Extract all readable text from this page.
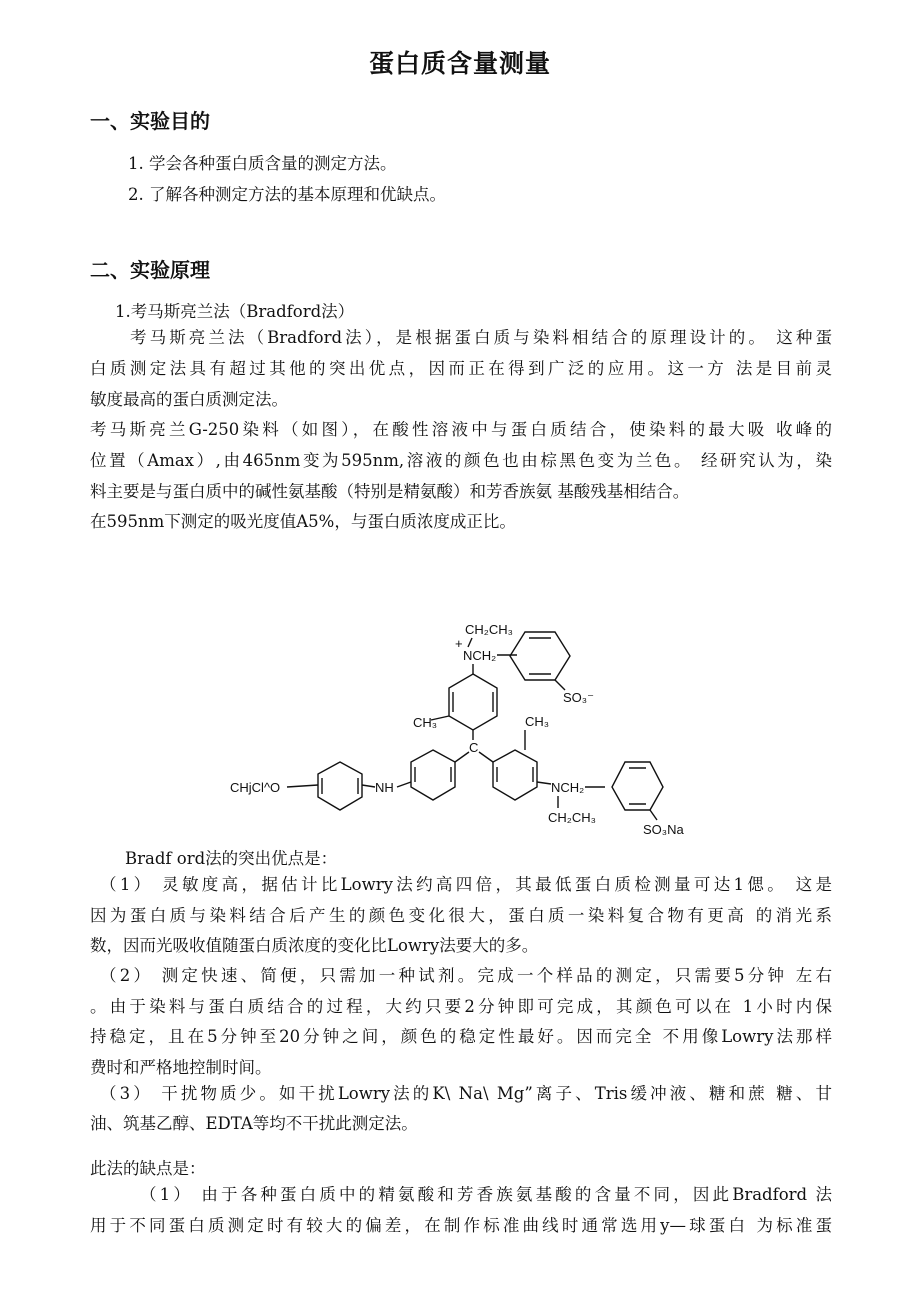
蛋白质含量测量
一、实验目的
1. 学会各种蛋白质含量的测定方法。
2. 了解各种测定方法的基本原理和优缺点。
二、实验原理
1.考马斯亮兰法（Bradford法）
考马斯亮兰法（Bradford法），是根据蛋白质与染料相结合的原理设计的。 这种蛋
白质测定法具有超过其他的突出优点，因而正在得到广泛的应用。这一方 法是目前灵
敏度最高的蛋白质测定法。
考马斯亮兰G-250染料（如图），在酸性溶液中与蛋白质结合，使染料的最大吸 收峰的
位置（Amax）,由465nm变为595nm,溶液的颜色也由棕黑色变为兰色。 经研究认为，染
料主要是与蛋白质中的碱性氨基酸（特别是精氨酸）和芳香族氨 基酸残基相结合。
在595nm下测定的吸光度值A5%，与蛋白质浓度成正比。
CH₂CH₃
+
NCH₂
SO₃⁻
CH₃
C
CH₃
NH
CHjCl^O	NCH₂
CH₂CH₃
SO₃Na
Bradf ord法的突出优点是：
（1） 灵敏度高，据估计比Lowry法约高四倍，其最低蛋白质检测量可达1偲。 这是
因为蛋白质与染料结合后产生的颜色变化很大，蛋白质一染料复合物有更高 的消光系
数，因而光吸收值随蛋白质浓度的变化比Lowry法要大的多。
（2） 测定快速、简便，只需加一种试剂。完成一个样品的测定，只需要5分钟 左右
。由于染料与蛋白质结合的过程，大约只要2分钟即可完成，其颜色可以在 1小时内保
持稳定，且在5分钟至20分钟之间，颜色的稳定性最好。因而完全 不用像Lowry法那样
费时和严格地控制时间。
（3） 干扰物质少。如干扰Lowry法的K\ Na\ Mg”离子、Tris缓冲液、糖和蔗 糖、甘
油、筑基乙醇、EDTA等均不干扰此测定法。
此法的缺点是：
（1） 由于各种蛋白质中的精氨酸和芳香族氨基酸的含量不同，因此Bradford 法
用于不同蛋白质测定时有较大的偏差，在制作标准曲线时通常选用y—球蛋白 为标准蛋
